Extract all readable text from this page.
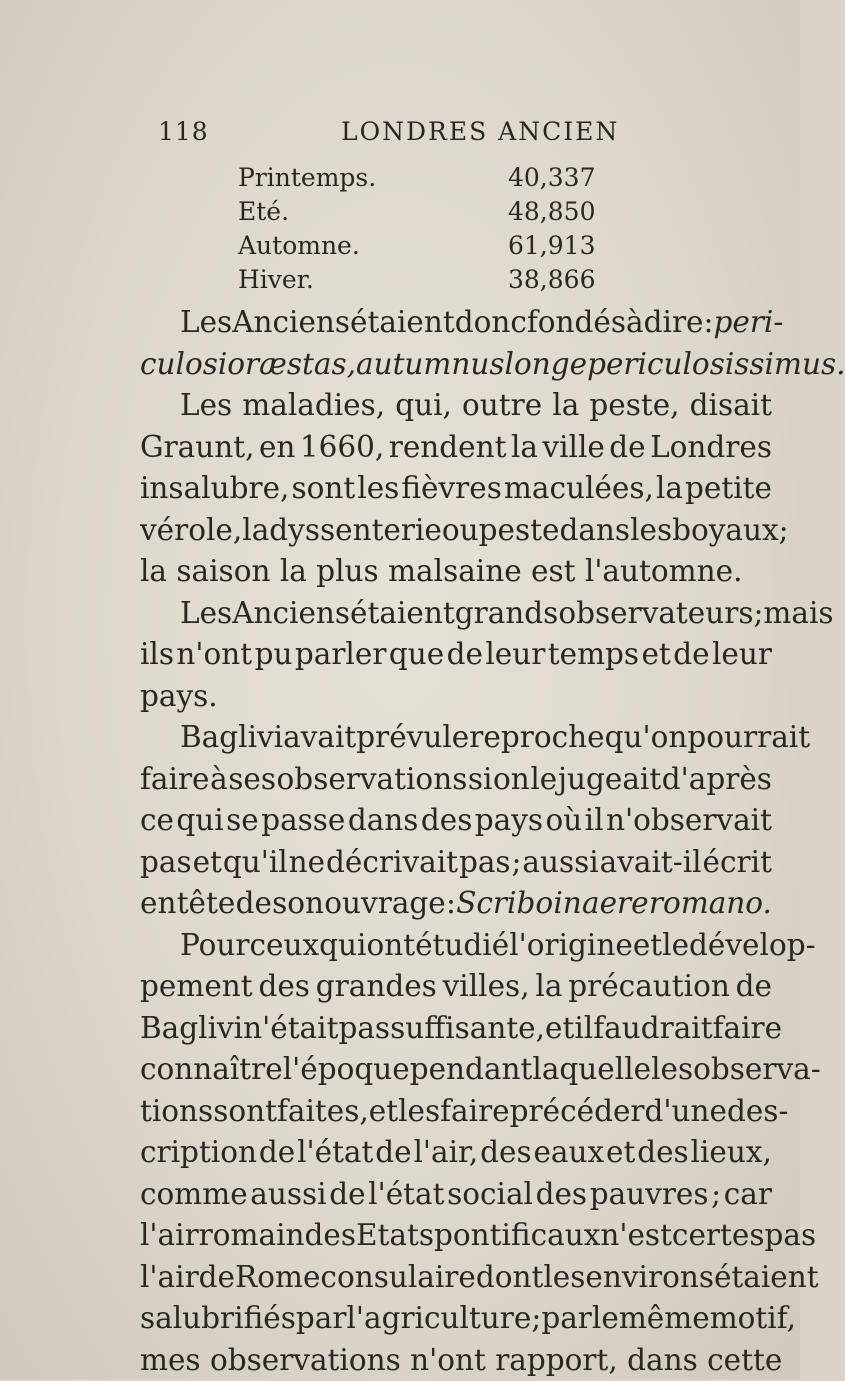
118	LONDRES ANCIEN
Printemps.	40,337
Eté.	48,850
Automne.	61,913
Hiver.	38,866
Les Anciens étaient donc fondés à dire : peri-
culosior æstas, autumnus longe periculosissimus.
Les maladies, qui, outre la peste, disait
Graunt, en 1660, rendent la ville de Londres
insalubre, sont les fièvres maculées, la petite
vérole, la dyssenterie ou peste dans les boyaux ;
la saison la plus malsaine est l'automne.
Les Anciens étaient grands observateurs ; mais
ils n'ont pu parler que de leur temps et de leur
pays.
Baglivi avait prévu le reproche qu'on pourrait
faire à ses observations si on le jugeait d'après
ce qui se passe dans des pays où il n'observait
pas et qu'il ne décrivait pas ; aussi avait-il écrit
en tête de son ouvrage : Scribo in aere romano.
Pour ceux qui ont étudié l'origine et le dévelop-
pement des grandes villes, la précaution de
Baglivi n'était pas suffisante, et il faudrait faire
connaître l'époque pendant laquelle les observa-
tions sont faites, et les faire précéder d'une des-
cription de l'état de l'air, des eaux et des lieux,
comme aussi de l'état social des pauvres ; car
l'air romain des Etats pontificaux n'est certes pas
l'air de Rome consulaire dont les environs étaient
salubrifiés par l'agriculture ; par le même motif,
mes observations n'ont rapport, dans cette
